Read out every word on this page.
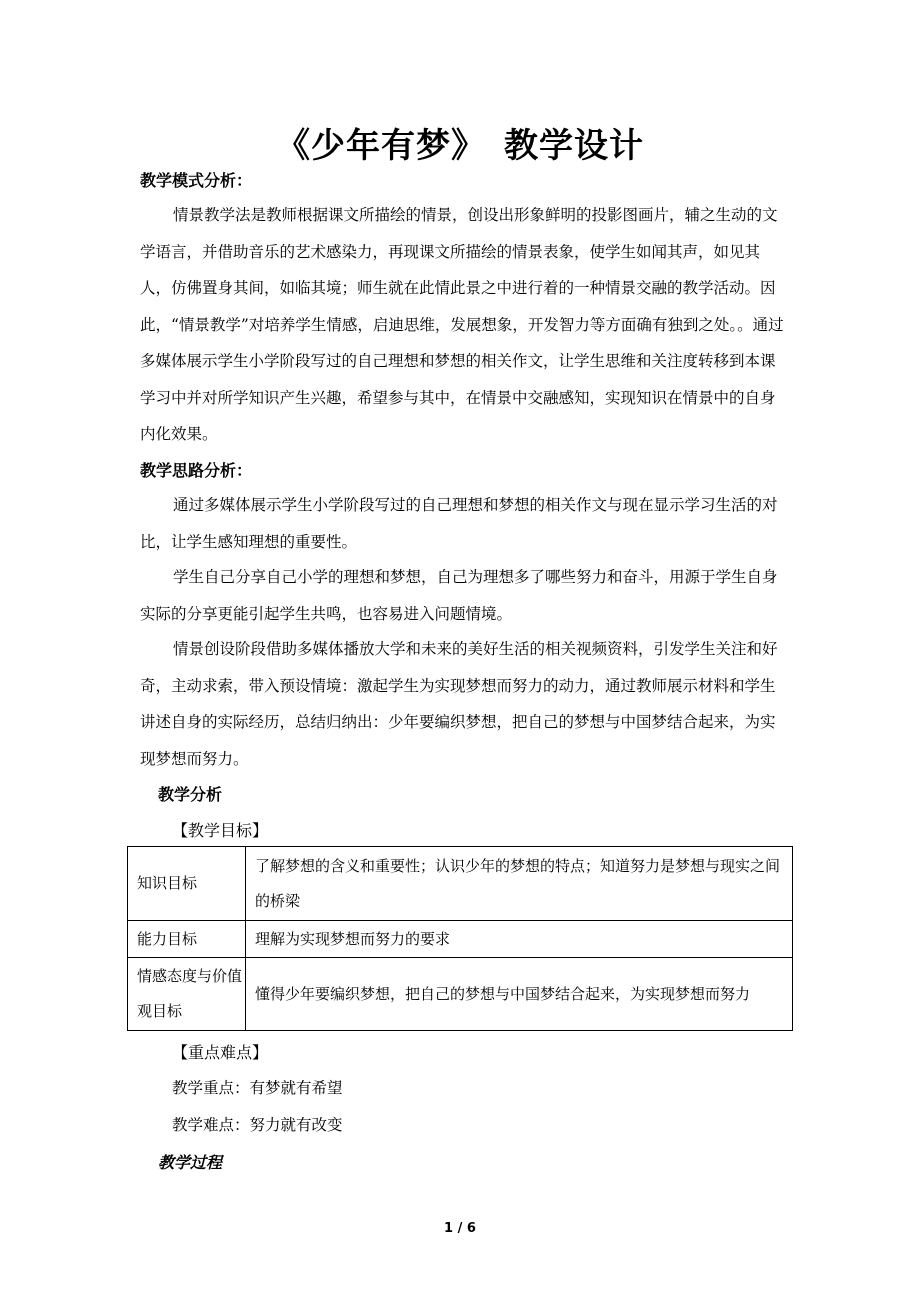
《少年有梦》　教学设计
教学模式分析：

情景教学法是教师根据课文所描绘的情景，创设出形象鲜明的投影图画片，辅之生动的文学语言，并借助音乐的艺术感染力，再现课文所描绘的情景表象，使学生如闻其声，如见其人，仿佛置身其间，如临其境；师生就在此情此景之中进行着的一种情景交融的教学活动。因此，“情景教学”对培养学生情感，启迪思维，发展想象，开发智力等方面确有独到之处。。通过多媒体展示学生小学阶段写过的自己理想和梦想的相关作文，让学生思维和关注度转移到本课学习中并对所学知识产生兴趣，希望参与其中，在情景中交融感知，实现知识在情景中的自身内化效果。

教学思路分析：

通过多媒体展示学生小学阶段写过的自己理想和梦想的相关作文与现在显示学习生活的对比，让学生感知理想的重要性。

学生自己分享自己小学的理想和梦想，自己为理想多了哪些努力和奋斗，用源于学生自身实际的分享更能引起学生共鸣，也容易进入问题情境。

情景创设阶段借助多媒体播放大学和未来的美好生活的相关视频资料，引发学生关注和好奇，主动求索，带入预设情境：激起学生为实现梦想而努力的动力，通过教师展示材料和学生讲述自身的实际经历，总结归纳出：少年要编织梦想，把自己的梦想与中国梦结合起来，为实现梦想而努力。

教学分析
【教学目标】
知识目标	了解梦想的含义和重要性；认识少年的梦想的特点；知道努力是梦想与现实之间的桥梁
能力目标	理解为实现梦想而努力的要求
情感态度与价值观目标	懂得少年要编织梦想，把自己的梦想与中国梦结合起来，为实现梦想而努力
【重点难点】
教学重点：有梦就有希望
教学难点：努力就有改变
教学过程
1 / 6
